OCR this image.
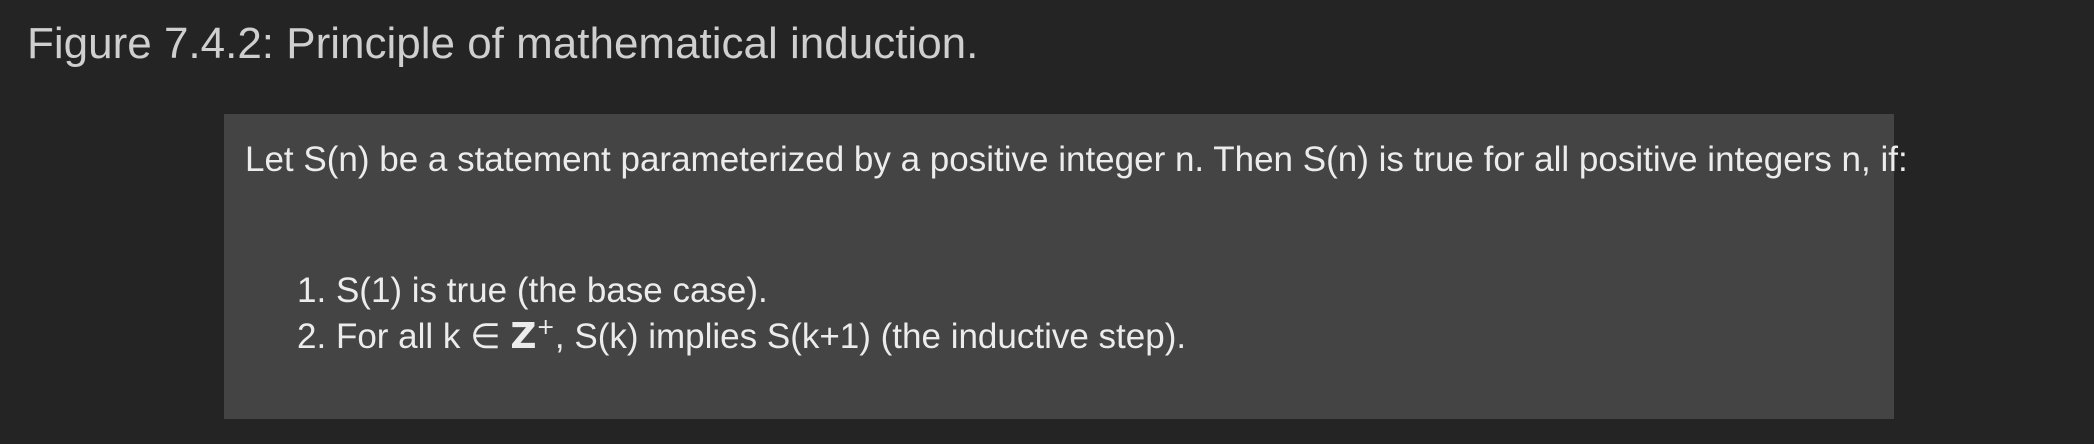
Figure 7.4.2: Principle of mathematical induction.

Let S(n) be a statement parameterized by a positive integer n. Then S(n) is true for all positive integers n, if:

1. S(1) is true (the base case).
2. For all k ∈ Z+, S(k) implies S(k+1) (the inductive step).
